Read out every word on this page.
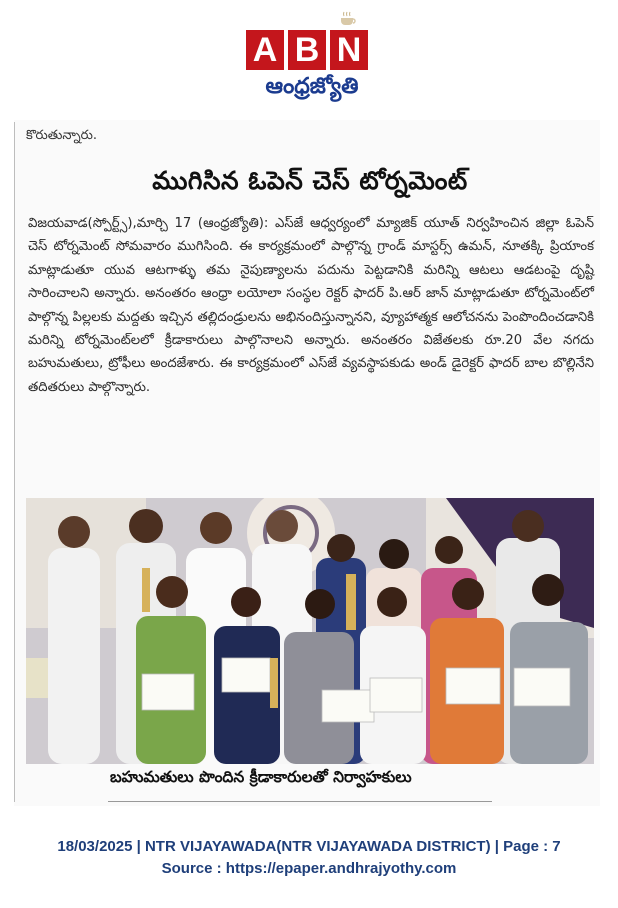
A B N
ఆంధ్రజ్యోతి
కొరుతున్నారు.
ముగిసిన ఓపెన్ చెస్ టోర్నమెంట్

విజయవాడ(స్పోర్ట్స్),మార్చి 17 (ఆంధ్రజ్యోతి): ఎస్‌జే ఆధ్వర్యంలో మ్యాజిక్ యూత్ నిర్వహించిన జిల్లా ఓపెన్ చెస్ టోర్నమెంట్ సోమవారం ముగిసింది. ఈ కార్యక్రమంలో పాల్గొన్న గ్రాండ్ మాస్టర్స్ ఉమన్, నూతక్కి ప్రియాంక మాట్లాడుతూ యువ ఆటగాళ్ళు తమ నైపుణ్యాలను పదును పెట్టడానికి మరిన్ని ఆటలు ఆడటంపై దృష్టి సారించాలని అన్నారు. అనంతరం ఆంధ్రా లయోలా సంస్థల రెక్టర్ ఫాదర్ పి.ఆర్ జాన్ మాట్లాడుతూ టోర్నమెంట్‌లో పాల్గొన్న పిల్లలకు మద్దతు ఇచ్చిన తల్లిదండ్రులను అభినందిస్తున్నానని, వ్యూహాత్మక ఆలోచనను పెంపొందించడానికి మరిన్ని టోర్నమెంట్‌లలో క్రీడాకారులు పాల్గొనాలని అన్నారు. అనంతరం విజేతలకు రూ.20 వేల నగదు బహుమతులు, ట్రోఫీలు అందజేశారు. ఈ కార్యక్రమంలో ఎస్‌జే వ్యవస్థాపకుడు అండ్ డైరెక్టర్ ఫాదర్ బాల బొల్లినేని తదితరులు పాల్గొన్నారు.

బహుమతులు పొందిన క్రీడాకారులతో నిర్వాహకులు
18/03/2025 | NTR VIJAYAWADA(NTR VIJAYAWADA DISTRICT) | Page : 7
Source : https://epaper.andhrajyothy.com
